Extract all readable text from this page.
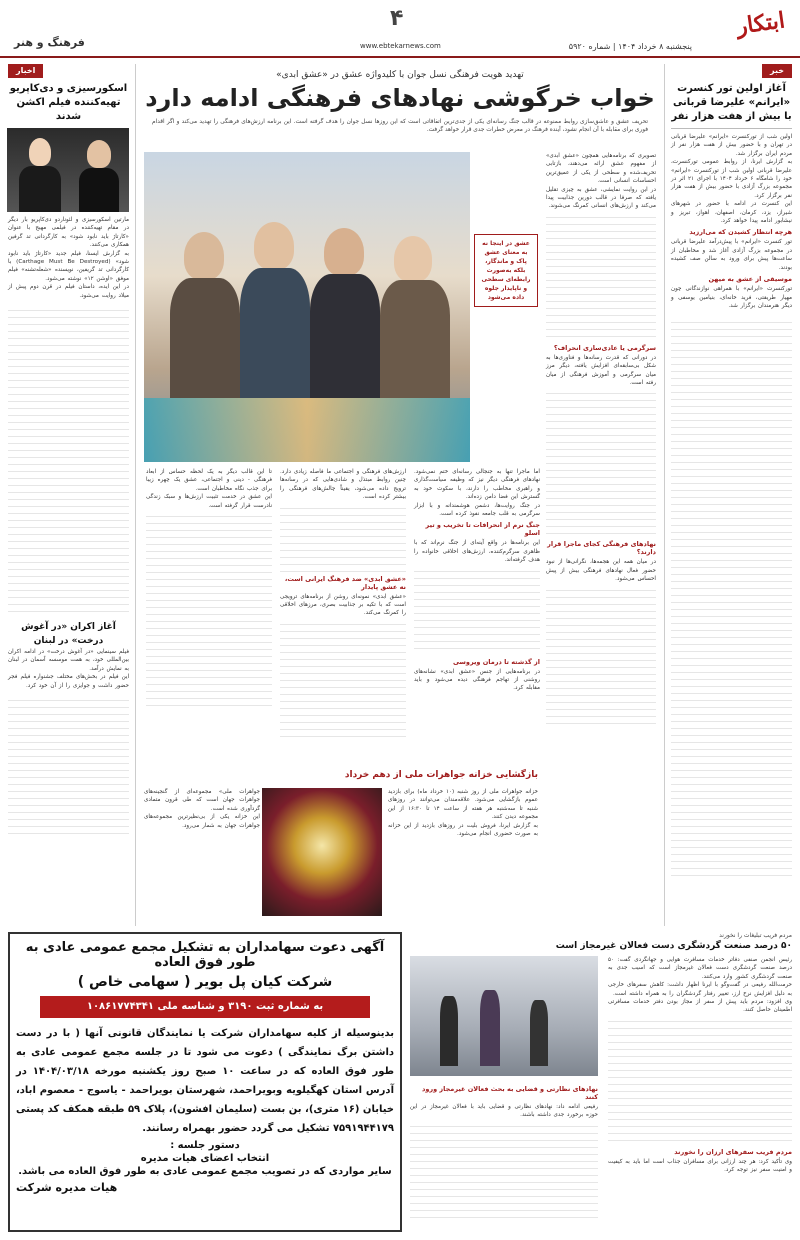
ابتکار
پنجشنبه ۸ خرداد ۱۴۰۴ | شماره ۵۹۲۰
۴
www.ebtekarnews.com
فرهنگ و هنر
خبر
آغاز اولین تور کنسرت «ایرانم» علیرضا قربانی با بیش از هفت هزار نفر

اولین شب از تورکنسرت «ایرانم» علیرضا قربانی در تهران و با حضور بیش از هفت هزار نفر از مردم ایران برگزار شد.

به گزارش ایرنا، از روابط عمومی تورکنسرت، علیرضا قربانی اولین شب از تورکنسرت «ایرانم» خود را شامگاه ۶ خرداد ۱۴۰۴ با اجرای ۲۱ اثر در مجموعه بزرگ آزادی با حضور بیش از هفت هزار نفر برگزار کرد.

این کنسرت در ادامه با حضور در شهرهای شیراز، یزد، کرمان، اصفهان، اهواز، تبریز و نیشابور ادامه پیدا خواهد کرد.

هرچه انتظار کشیدن که می‌ارزید

تور کنسرت «ایرانم» با پیش‌درآمد علیرضا قربانی در مجموعه بزرگ آزادی آغاز شد و مخاطبان از ساعت‌ها پیش برای ورود به سالن صف کشیده بودند.

موسیقی از عشق به میهن

تورکنسرت «ایرانم» با همراهی نوازندگانی چون مهیار طریقتی، فرید خانه‌ای، بنیامین یوسفی و دیگر هنرمندان برگزار شد.

اخبار
اسکورسیزی و دی‌کاپریو تهیه‌کننده فیلم اکشن شدند

مارتین اسکورسیزی و لئوناردو دی‌کاپریو بار دیگر در مقام تهیه‌کننده در فیلمی مهیج با عنوان «کارتاژ باید نابود شود» به کارگردانی تد گرفین همکاری می‌کنند.

به گزارش ایسنا، فیلم جدید «کارتاژ باید نابود شود» (Carthage Must Be Destroyed) با کارگردانی تد گریفین، نویسنده «شعله‌تشنه» فیلم موفق «اوشن ۱۲» نوشته می‌شود.

در این ایده، داستان فیلم در قرن دوم پیش از میلاد روایت می‌شود.

آغاز اکران «در آغوش درخت» در لبنان

فیلم سینمایی «در آغوش درخت» در ادامه اکران بین‌المللی خود، به همت موسسه آسمان در لبنان به نمایش درآمد.

این فیلم در بخش‌های مختلف جشنواره فیلم فجر حضور داشت و جوایزی را از آن خود کرد.

تهدید هویت فرهنگی نسل جوان با کلیدواژه عشق در «عشق ابدی»
خواب خرگوشی نهادهای فرهنگی ادامه دارد

تحریف عشق و عاشق‌سازی روابط ممنوعه در قالب جنگ رسانه‌ای یکی از جدی‌ترین اتفاقاتی است که این روزها نسل جوان را هدف گرفته است. این برنامه ارزش‌های فرهنگی را تهدید می‌کند و اگر اقدام فوری برای مقابله با آن انجام نشود، آینده فرهنگ در معرض خطرات جدی قرار خواهد گرفت.

عشق در اینجا نه به معنای عشق پاک و ماندگار، بلکه به‌صورت رابطه‌ای سطحی و ناپایدار جلوه داده می‌شود

تصویری که برنامه‌هایی همچون «عشق ابدی» از مفهوم عشق ارائه می‌دهند، بازتابی تحریف‌شده و سطحی از یکی از عمیق‌ترین احساسات انسانی است.

در این روایت نمایشی، عشق به چیزی تقلیل یافته که صرفا در قالب دورین جذابیت پیدا می‌کند و ارزش‌های انسانی کمرنگ می‌شوند.

سرگرمی یا عادی‌سازی انحراف؟

در دورانی که قدرت رسانه‌ها و فناوری‌ها به شکل بی‌سابقه‌ای افزایش یافته، دیگر مرز میان سرگرمی و آموزش فرهنگی از میان رفته است.

نهادهای فرهنگی کجای ماجرا قرار دارند؟

در میان همه این هجمه‌ها، نگرانی‌ها از نبود حضور فعال نهادهای فرهنگی بیش از پیش احساس می‌شود.

اما ماجرا تنها به جنجالی رسانه‌ای ختم نمی‌شود. نهادهای فرهنگی دیگر نیز که وظیفه سیاست‌گذاری و راهبری مخاطب را دارند، با سکوت خود به گسترش این فضا دامن زده‌اند.

در جنگ روایت‌ها، دشمن هوشمندانه و با ابزار سرگرمی به قلب جامعه نفوذ کرده است.

جنگ نرم از انحرافات تا تخریب و تیر اسلو

این برنامه‌ها در واقع آینه‌ای از جنگ نرم‌اند که با ظاهری سرگرم‌کننده، ارزش‌های اخلاقی خانواده را هدف گرفته‌اند.

از گذشته تا درمان ویروسی

در برنامه‌هایی از جنس «عشق ابدی» نشانه‌های روشنی از تهاجم فرهنگی دیده می‌شود و باید مقابله کرد.

ارزش‌های فرهنگی و اجتماعی ما فاصله زیادی دارد. چنین روابط مبتذل و شادی‌هایی که در رسانه‌ها ترویج داده می‌شود، یقیناً چالش‌های فرهنگی را بیشتر کرده است.

«عشق ابدی» ضد فرهنگ ایرانی است، نه عشق پایدار

«عشق ابدی» نمونه‌ای روشن از برنامه‌های ترویجی است که با تکیه بر جذابیت بصری، مرزهای اخلاقی را کمرنگ می‌کند.

تا این قالب دیگر به یک لحظه حساس از ابعاد فرهنگی - دینی و اجتماعی، عشق یک چهره زیبا برای جذب نگاه مخاطبان است.

این عشق در خدمت تثبیت ارزش‌ها و سبک زندگی نادرست قرار گرفته است.

بازگشایی خزانه جواهرات ملی از دهم خرداد

خزانه جواهرات ملی از روز شنبه (۱۰ خرداد ماه) برای بازدید عموم بازگشایی می‌شود. علاقه‌مندان می‌توانند در روزهای شنبه تا سه‌شنبه هر هفته از ساعت ۱۴ تا ۱۶:۳۰ از این مجموعه دیدن کنند.

به گزارش ایرنا، فروش بلیت در روزهای بازدید از این خزانه به صورت حضوری انجام می‌شود.

جواهرات ملی» مجموعه‌ای از گنجینه‌های جواهرات جهان است که طی قرون متمادی گردآوری شده است.

این خزانه یکی از بی‌نظیرترین مجموعه‌های جواهرات جهان به شمار می‌رود.

آگهی دعوت سهامداران به تشکیل مجمع عمومی عادی به طور فوق العاده
شرکت کیان پل بویر ( سهامی خاص )
به شماره ثبت ۳۱۹۰ و شناسه ملی ۱۰۸۶۱۷۷۴۳۴۱

بدینوسیله از کلیه سهامداران شرکت یا نمایندگان قانونی آنها ( با در دست داشتن برگ نمایندگی ) دعوت می شود تا در جلسه مجمع عمومی عادی به طور فوق العاده که در ساعت ۱۰ صبح روز یکشنبه مورخه ۱۴۰۴/۰۳/۱۸ در آدرس استان کهگیلویه وبویراحمد، شهرستان بویراحمد - یاسوج - معصوم اباد، خیابان (۱۶ متری)، بن بست (سلیمان افشون)، پلاک ۵۹ طبقه همکف کد پستی ۷۵۹۱۹۴۴۱۷۹ تشکیل می گردد حضور بهمراه رسانند.

دستور جلسه :
انتخاب اعضای هیات مدیره
سایر مواردی که در تصویب مجمع عمومی عادی به طور فوق العاده می باشد.
هیات مدیره شرکت
مردم فریب تبلیغات را نخورند
۵۰ درصد صنعت گردشگری دست فعالان غیرمجاز است

رئیس انجمن صنفی دفاتر خدمات مسافرت هوایی و جهانگردی گفت: ۵۰ درصد صنعت گردشگری دست فعالان غیرمجاز است که اسیب جدی به صنعت گردشگری کشور وارد می‌کنند.

حرمت‌الله رفیعی در گفت‌وگو با ایرنا اظهار داشت: کاهش سفرهای خارجی به دلیل افزایش نرخ ارز، تغییر رفتار گردشگران را به همراه داشته است.

وی افزود: مردم باید پیش از سفر از مجاز بودن دفتر خدمات مسافرتی اطمینان حاصل کنند.

مردم فریب سفرهای ارزان را نخورند

وی تأکید کرد: هر چند ارزانی برای مسافران جذاب است اما باید به کیفیت و امنیت سفر نیز توجه کرد.

نهادهای نظارتی و قضایی به بحث فعالان غیرمجاز ورود کنند

رفیعی ادامه داد: نهادهای نظارتی و قضایی باید با فعالان غیرمجاز در این حوزه برخورد جدی داشته باشند.
